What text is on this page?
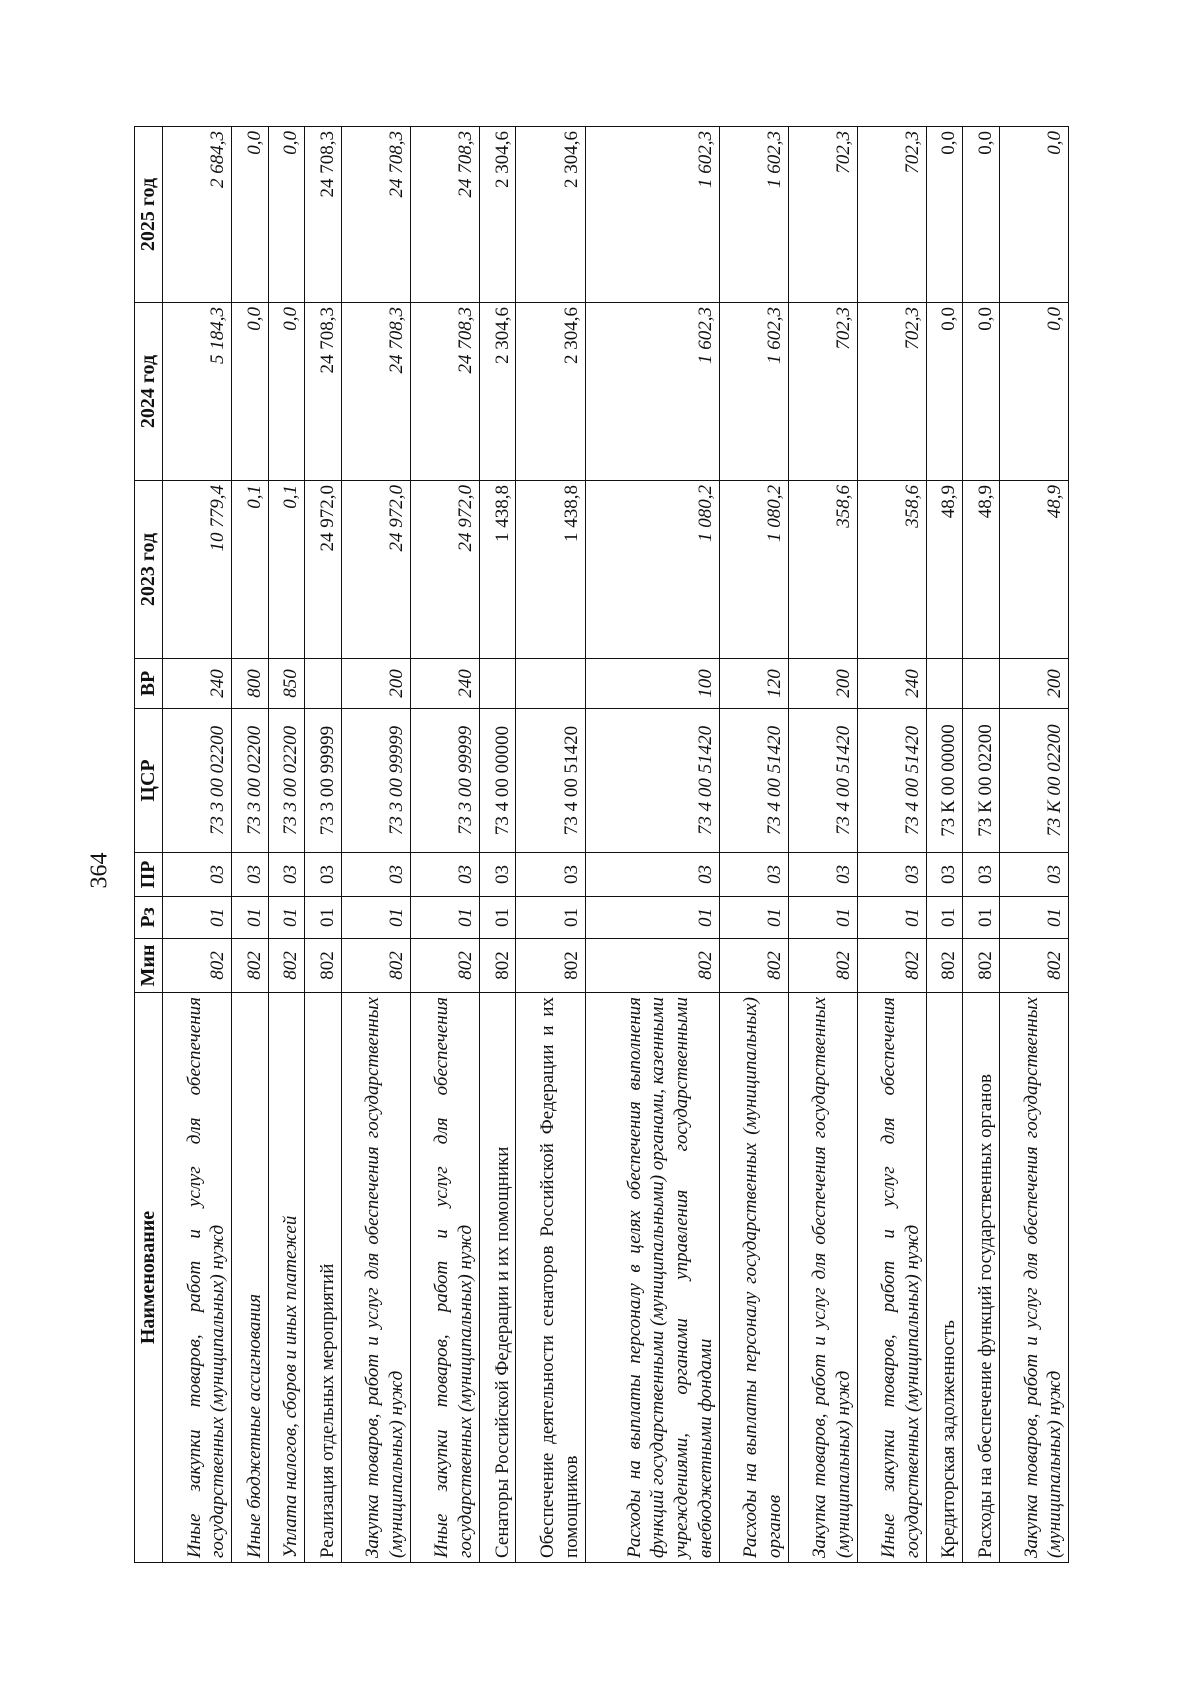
364
Наименование	Мин	Рз	ПР	ЦСР	ВР	2023 год	2024 год	2025 год
Иные закупки товаров, работ и услуг для обеспечения государственных (муниципальных) нужд	802	01	03	73 3 00 02200	240	10 779,4	5 184,3	2 684,3
Иные бюджетные ассигнования	802	01	03	73 3 00 02200	800	0,1	0,0	0,0
Уплата налогов, сборов и иных платежей	802	01	03	73 3 00 02200	850	0,1	0,0	0,0
Реализация отдельных мероприятий	802	01	03	73 3 00 99999		24 972,0	24 708,3	24 708,3
Закупка товаров, работ и услуг для обеспечения государственных (муниципальных) нужд	802	01	03	73 3 00 99999	200	24 972,0	24 708,3	24 708,3
Иные закупки товаров, работ и услуг для обеспечения государственных (муниципальных) нужд	802	01	03	73 3 00 99999	240	24 972,0	24 708,3	24 708,3
Сенаторы Российской Федерации и их помощники	802	01	03	73 4 00 00000		1 438,8	2 304,6	2 304,6
Обеспечение деятельности сенаторов Российской Федерации и их помощников	802	01	03	73 4 00 51420		1 438,8	2 304,6	2 304,6
Расходы на выплаты персоналу в целях обеспечения выполнения функций государственными (муниципальными) органами, казенными учреждениями, органами управления государственными внебюджетными фондами	802	01	03	73 4 00 51420	100	1 080,2	1 602,3	1 602,3
Расходы на выплаты персоналу государственных (муниципальных) органов	802	01	03	73 4 00 51420	120	1 080,2	1 602,3	1 602,3
Закупка товаров, работ и услуг для обеспечения государственных (муниципальных) нужд	802	01	03	73 4 00 51420	200	358,6	702,3	702,3
Иные закупки товаров, работ и услуг для обеспечения государственных (муниципальных) нужд	802	01	03	73 4 00 51420	240	358,6	702,3	702,3
Кредиторская задолженность	802	01	03	73 К 00 00000		48,9	0,0	0,0
Расходы на обеспечение функций государственных органов	802	01	03	73 К 00 02200		48,9	0,0	0,0
Закупка товаров, работ и услуг для обеспечения государственных (муниципальных) нужд	802	01	03	73 К 00 02200	200	48,9	0,0	0,0
